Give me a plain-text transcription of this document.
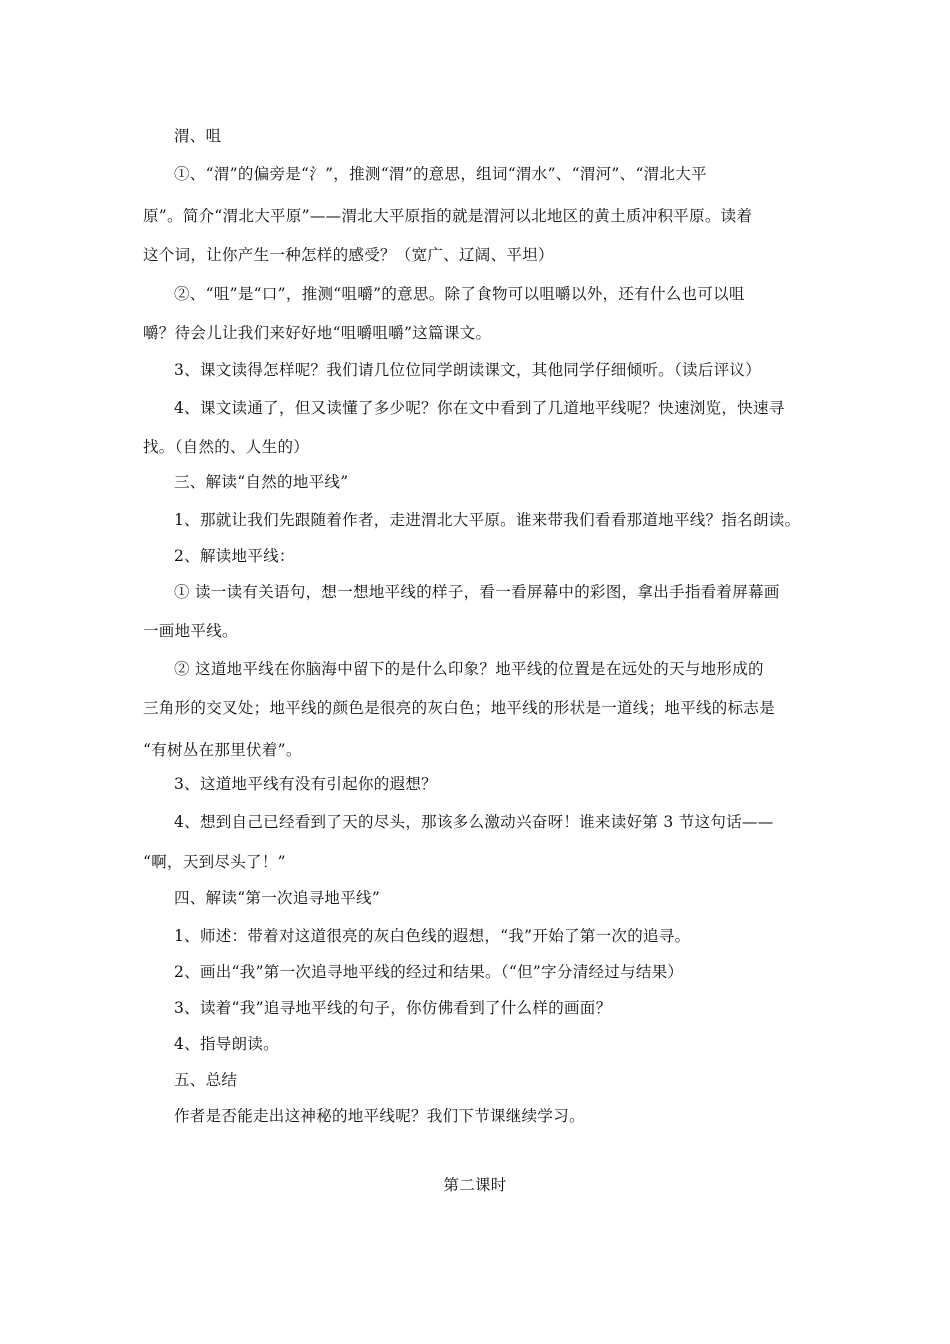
渭、咀
①、“渭”的偏旁是“氵”，推测“渭”的意思，组词“渭水”、“渭河”、“渭北大平
原”。简介“渭北大平原”——渭北大平原指的就是渭河以北地区的黄土质冲积平原。读着
这个词，让你产生一种怎样的感受？（宽广、辽阔、平坦）
②、“咀”是“口”，推测“咀嚼”的意思。除了食物可以咀嚼以外，还有什么也可以咀
嚼？待会儿让我们来好好地“咀嚼咀嚼”这篇课文。
3、课文读得怎样呢？我们请几位位同学朗读课文，其他同学仔细倾听。（读后评议）
4、课文读通了，但又读懂了多少呢？你在文中看到了几道地平线呢？快速浏览，快速寻
找。（自然的、人生的）
三、解读“自然的地平线”
1、那就让我们先跟随着作者，走进渭北大平原。谁来带我们看看那道地平线？指名朗读。
2、解读地平线：
① 读一读有关语句，想一想地平线的样子，看一看屏幕中的彩图，拿出手指看着屏幕画
一画地平线。
② 这道地平线在你脑海中留下的是什么印象？地平线的位置是在远处的天与地形成的
三角形的交叉处；地平线的颜色是很亮的灰白色；地平线的形状是一道线；地平线的标志是
“有树丛在那里伏着”。
3、这道地平线有没有引起你的遐想？
4、想到自己已经看到了天的尽头，那该多么激动兴奋呀！谁来读好第 3 节这句话——
“啊，天到尽头了！”
四、解读“第一次追寻地平线”
1、师述：带着对这道很亮的灰白色线的遐想，“我”开始了第一次的追寻。
2、画出“我”第一次追寻地平线的经过和结果。（“但”字分清经过与结果）
3、读着“我”追寻地平线的句子，你仿佛看到了什么样的画面？
4、指导朗读。
五、总结
作者是否能走出这神秘的地平线呢？我们下节课继续学习。
第二课时
